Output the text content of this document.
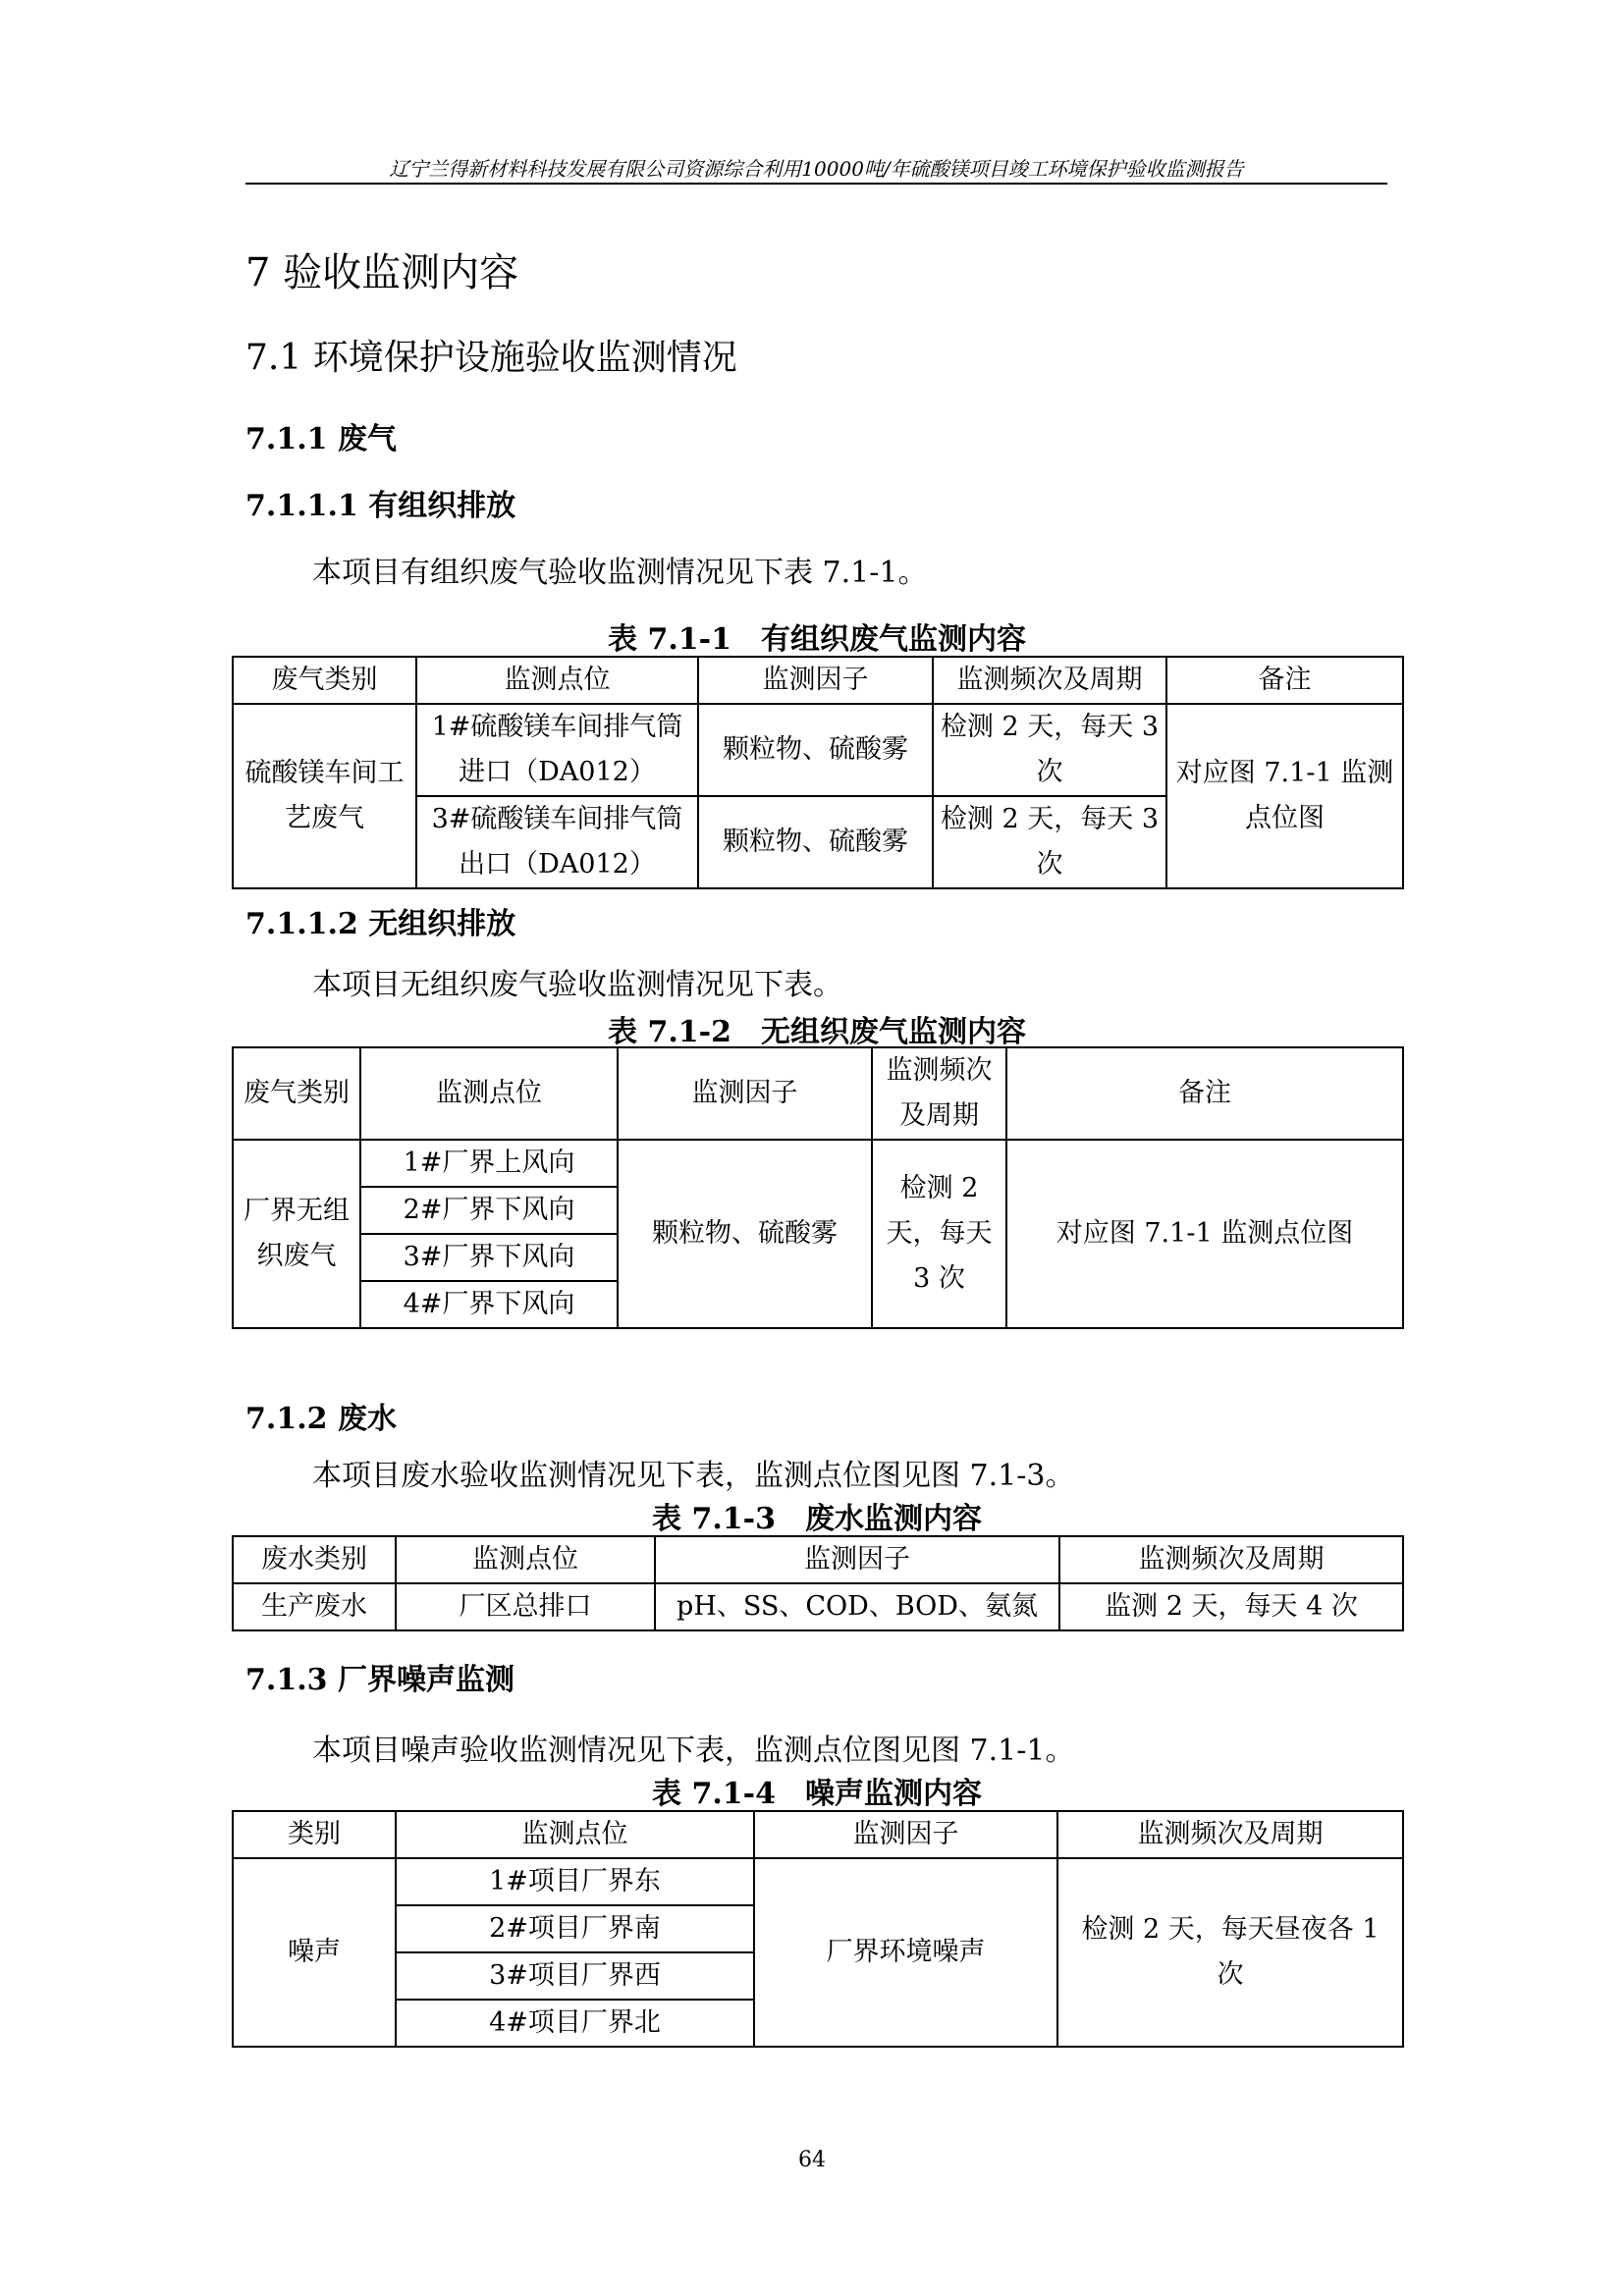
辽宁兰得新材料科技发展有限公司资源综合利用10000吨/年硫酸镁项目竣工环境保护验收监测报告
7 验收监测内容
7.1 环境保护设施验收监测情况
7.1.1 废气
7.1.1.1 有组织排放
本项目有组织废气验收监测情况见下表 7.1-1。
表 7.1-1　有组织废气监测内容
废气类别	监测点位	监测因子	监测频次及周期	备注
硫酸镁车间工艺废气	1#硫酸镁车间排气筒进口（DA012）	颗粒物、硫酸雾	检测 2 天，每天 3 次	对应图 7.1-1 监测点位图
	3#硫酸镁车间排气筒出口（DA012）	颗粒物、硫酸雾	检测 2 天，每天 3 次	
7.1.1.2 无组织排放
本项目无组织废气验收监测情况见下表。
表 7.1-2　无组织废气监测内容
废气类别	监测点位	监测因子	监测频次及周期	备注
厂界无组织废气	1#厂界上风向	颗粒物、硫酸雾	检测 2 天，每天 3 次	对应图 7.1-1 监测点位图
	2#厂界下风向			
	3#厂界下风向			
	4#厂界下风向			
7.1.2 废水
本项目废水验收监测情况见下表，监测点位图见图 7.1-3。
表 7.1-3　废水监测内容
废水类别	监测点位	监测因子	监测频次及周期
生产废水	厂区总排口	pH、SS、COD、BOD、氨氮	监测 2 天，每天 4 次
7.1.3 厂界噪声监测
本项目噪声验收监测情况见下表，监测点位图见图 7.1-1。
表 7.1-4　噪声监测内容
类别	监测点位	监测因子	监测频次及周期
噪声	1#项目厂界东	厂界环境噪声	检测 2 天，每天昼夜各 1 次
	2#项目厂界南		
	3#项目厂界西		
	4#项目厂界北		
64
